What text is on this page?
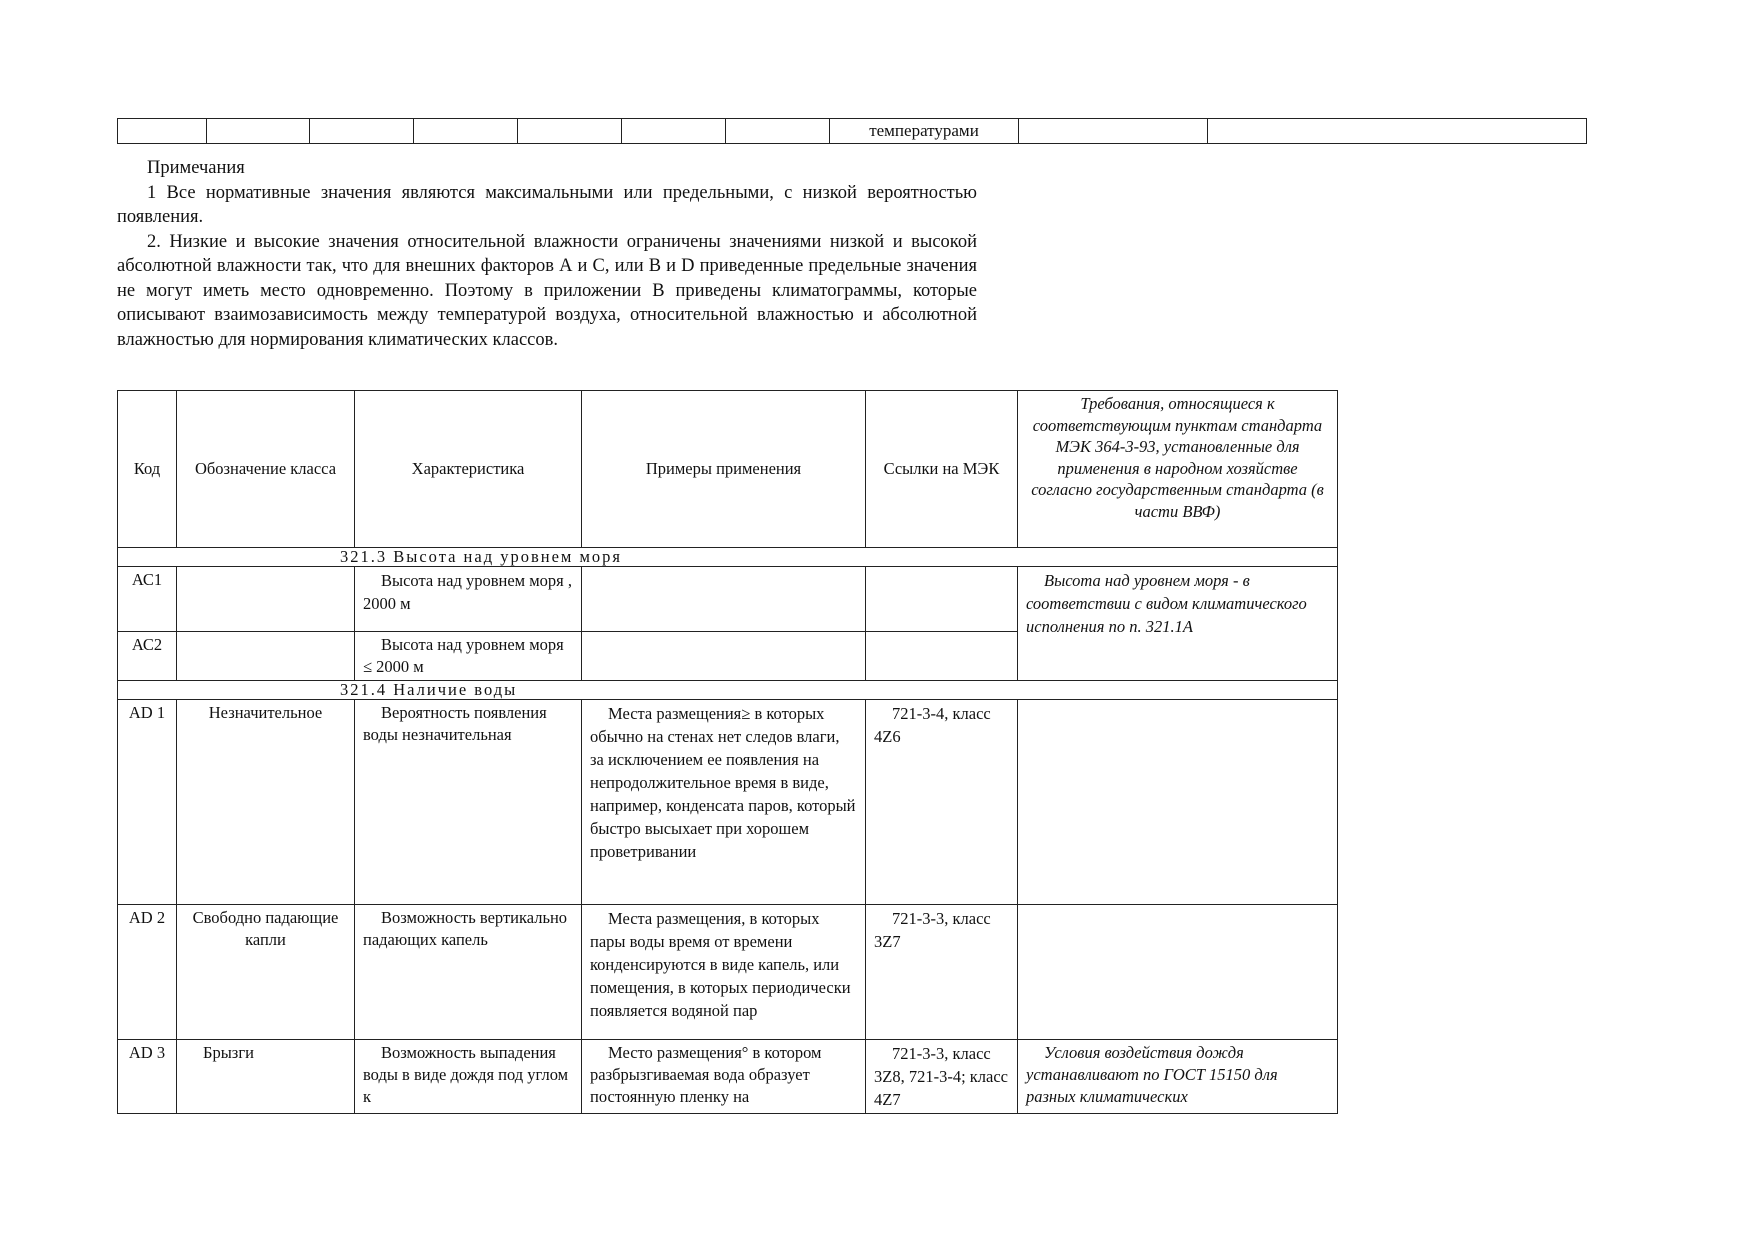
							температурами		

Примечания

1 Все нормативные значения являются максимальными или предельными, с низкой вероятностью появления.

2. Низкие и высокие значения относительной влажности ограничены значениями низкой и высокой абсолютной влажности так, что для внешних факторов А и С, или В и D приведенные предельные значения не могут иметь место одновременно. Поэтому в приложении В приведены климатограммы, которые описывают взаимозависимость между температурой воздуха, относительной влажностью и абсолютной влажностью для нормирования климатических классов.

Код	Обозначение класса	Характеристика	Примеры применения	Ссылки на МЭК	Требования, относящиеся к соответствующим пунктам стандарта МЭК 364-3-93, установленные для применения в народном хозяйстве согласно государственным стандарта (в части ВВФ)
321.3 Высота над уровнем моря					
АС1		Высота над уровнем моря , 2000 м			Высота над уровнем моря - в соответствии с видом климатического исполнения по п. 321.1А
АС2		Высота над уровнем моря ≤ 2000 м			
321.4 Наличие воды					
AD 1	Незначительное	Вероятность появления воды незначительная	Места размещения≥ в которых обычно на стенах нет следов влаги, за исключением ее появления на непродолжительное время в виде, например, конденсата паров, который быстро высыхает при хорошем проветривании	721-3-4, класс 4Z6	
AD 2	Свободно падающие капли	Возможность вертикально падающих капель	Места размещения, в которых пары воды время от времени конденсируются в виде капель, или помещения, в которых периодически появляется водяной пар	721-3-3, класс 3Z7	
AD 3	Брызги	Возможность выпадения воды в виде дождя под углом к	Место размещения° в котором разбрызгиваемая вода образует постоянную пленку на	721-3-3, класс 3Z8, 721-3-4; класс 4Z7	Условия воздействия дождя устанавливают по ГОСТ 15150 для разных климатических
